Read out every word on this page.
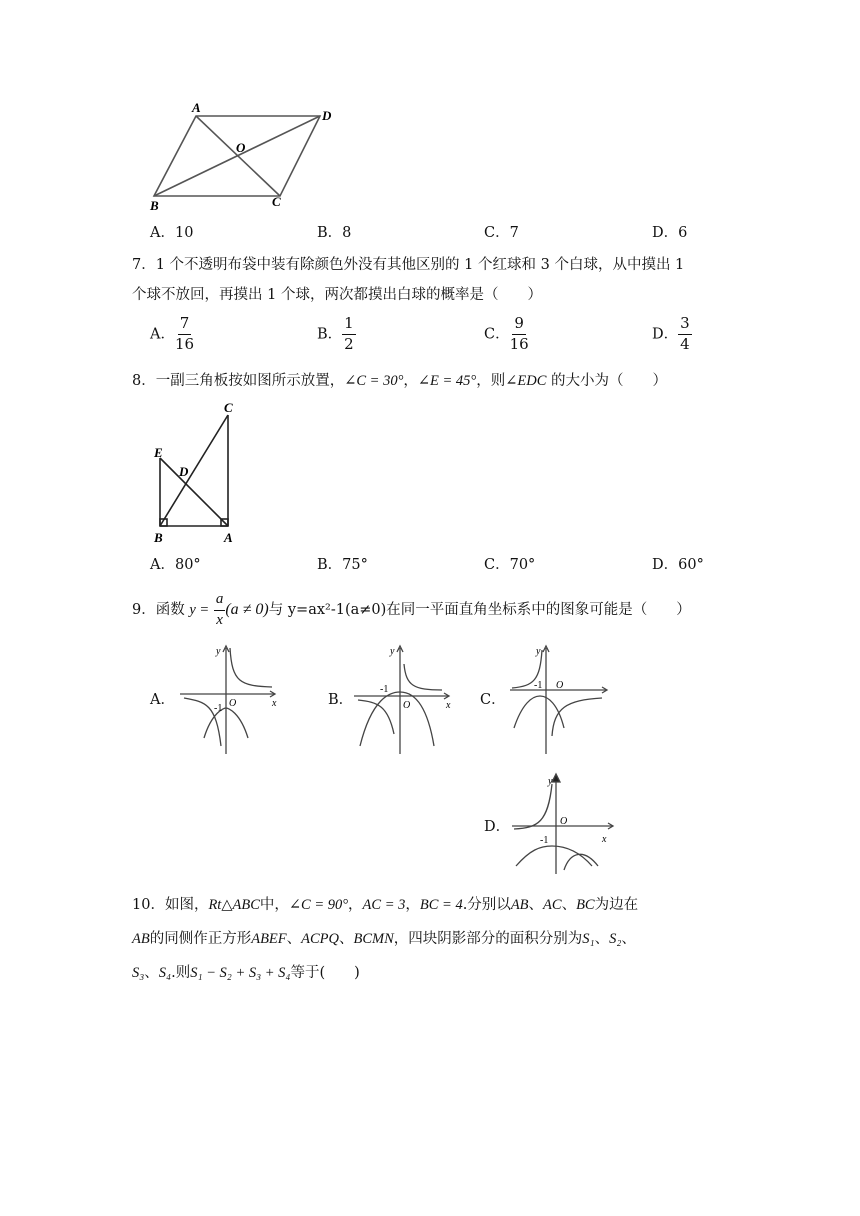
A
D
O
B	C
A．10	B．8	C．7	D．6
7．1 个不透明布袋中装有除颜色外没有其他区别的 1 个红球和 3 个白球，从中摸出 1
个球不放回，再摸出 1 个球，两次都摸出白球的概率是（　　）
A． $\frac{7}{16}$	B． $\frac{1}{2}$	C． $\frac{9}{16}$	D． $\frac{3}{4}$
8．一副三角板按如图所示放置，∠C = 30°，∠E = 45°，则∠EDC 的大小为（　　）
C
E
D
B	A
A．80°	B．75°	C．70°	D．60°
9．函数
y =
$\frac{a}{x} (a \ne 0)$ 与 y=ax²-1(a≠0)在同一平面直角坐标系中的图象可能是（　　）
A．
y
x
O
-1
B．
y
x
O
-1
C．
y
O
-1
D．
y
x
O
-1
10．如图，Rt△ABC中，∠C = 90°，AC = 3，BC = 4.分别以AB、AC、BC为边在
AB的同侧作正方形ABEF、ACPQ、BCMN，四块阴影部分的面积分别为S₁、S₂、
S₃、S₄.则S₁ − S₂ + S₃ + S₄等于(　　)
